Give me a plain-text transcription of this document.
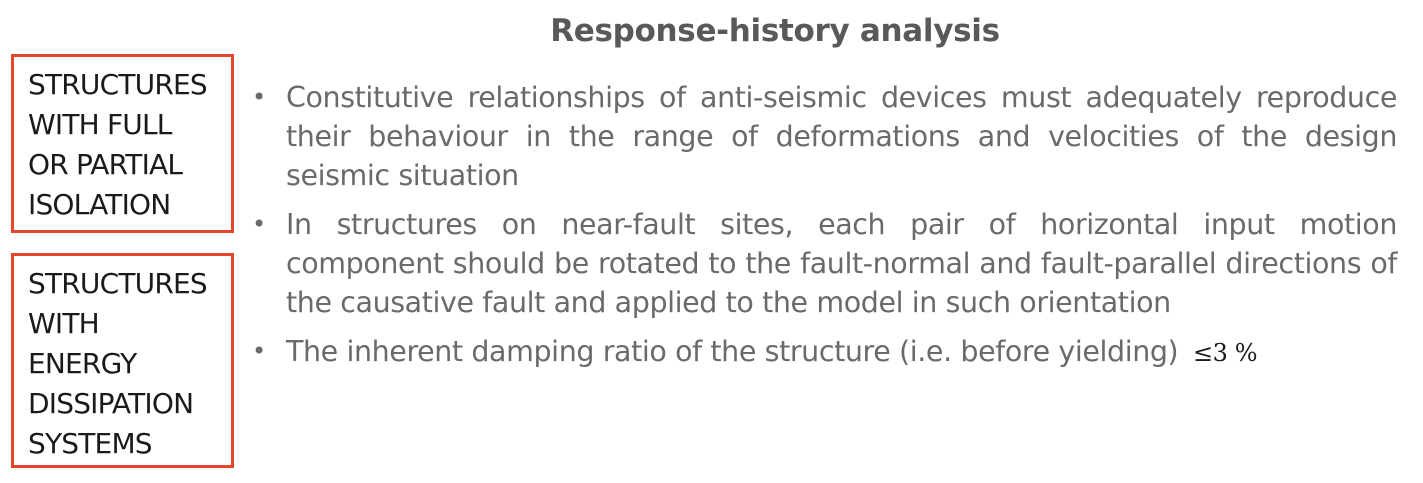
Response-history analysis
STRUCTURES
WITH FULL
OR PARTIAL
ISOLATION
STRUCTURES
WITH
ENERGY
DISSIPATION
SYSTEMS
• Constitutive relationships of anti-seismic devices must adequately reproduce their behaviour in the range of deformations and velocities of the design seismic situation
• In structures on near-fault sites, each pair of horizontal input motion component should be rotated to the fault-normal and fault-parallel directions of the causative fault and applied to the model in such orientation
• The inherent damping ratio of the structure (i.e. before yielding) ≤3 %
